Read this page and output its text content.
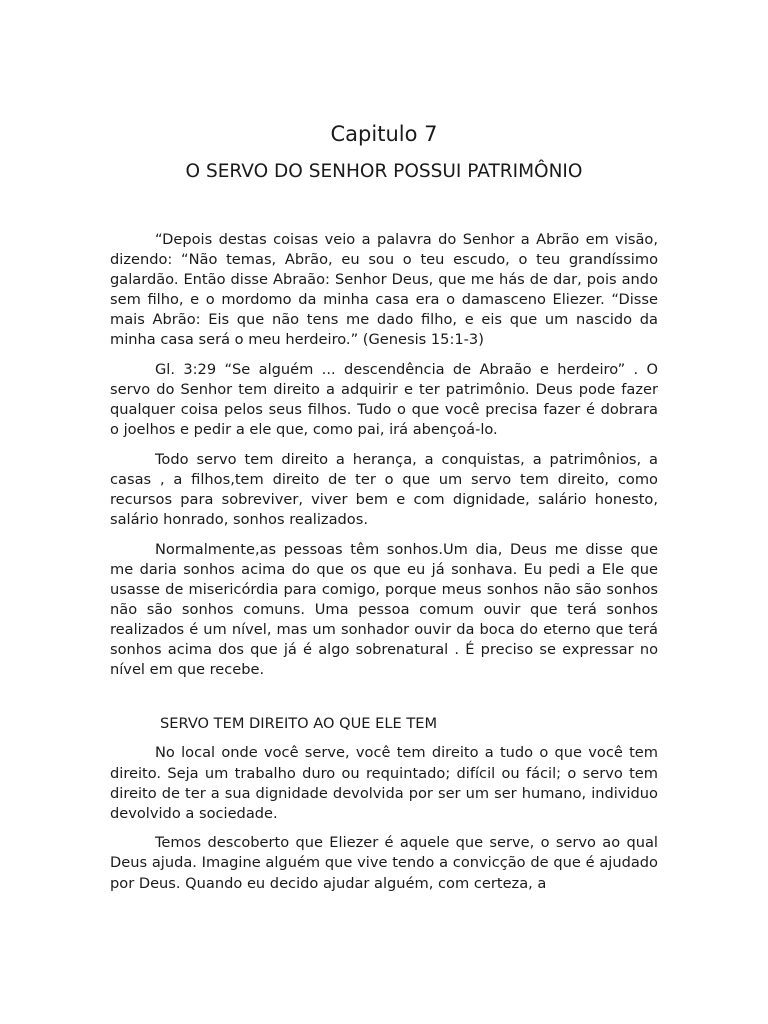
Capitulo 7
O SERVO DO SENHOR POSSUI PATRIMÔNIO

“Depois destas coisas veio a palavra do Senhor a Abrão em visão, dizendo: “Não temas, Abrão, eu sou o teu escudo, o teu grandíssimo galardão. Então disse Abraão: Senhor Deus, que me hás de dar, pois ando sem filho, e o mordomo da minha casa era o damasceno Eliezer. “Disse mais Abrão: Eis que não tens me dado filho, e eis que um nascido da minha casa será o meu herdeiro.” (Genesis 15:1-3)

Gl. 3:29 “Se alguém ... descendência de Abraão e herdeiro” . O servo do Senhor tem direito a adquirir e ter patrimônio. Deus pode fazer qualquer coisa pelos seus filhos. Tudo o que você precisa fazer é dobrara o joelhos e pedir a ele que, como pai, irá abençoá-lo.

Todo servo tem direito a herança, a conquistas, a patrimônios, a casas , a filhos,tem direito de ter o que um servo tem direito, como recursos para sobreviver, viver bem e com dignidade, salário honesto, salário honrado, sonhos realizados.

Normalmente,as pessoas têm sonhos.Um dia, Deus me disse que me daria sonhos acima do que os que eu já sonhava. Eu pedi a Ele que usasse de misericórdia para comigo, porque meus sonhos não são sonhos não são sonhos comuns. Uma pessoa comum ouvir que terá sonhos realizados é um nível, mas um sonhador ouvir da boca do eterno que terá sonhos acima dos que já é algo sobrenatural . É preciso se expressar no nível em que recebe.

SERVO TEM DIREITO AO QUE ELE TEM

No local onde você serve, você tem direito a tudo o que você tem direito. Seja um trabalho duro ou requintado; difícil ou fácil; o servo tem direito de ter a sua dignidade devolvida por ser um ser humano, individuo devolvido a sociedade.

Temos descoberto que Eliezer é aquele que serve, o servo ao qual Deus ajuda. Imagine alguém que vive tendo a convicção de que é ajudado por Deus. Quando eu decido ajudar alguém, com certeza, a
